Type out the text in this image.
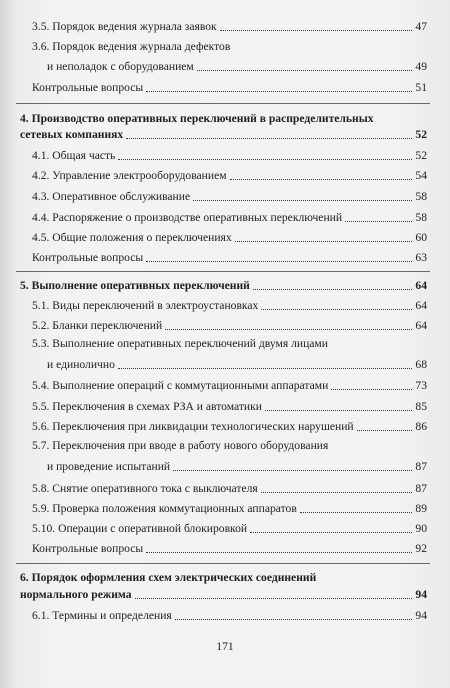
3.5. Порядок ведения журнала заявок	47
3.6. Порядок ведения журнала дефектов
и неполадок с оборудованием	49
Контрольные вопросы	51
4. Производство оперативных переключений в распределительных
сетевых компаниях	52
4.1. Общая часть	52
4.2. Управление электрооборудованием	54
4.3. Оперативное обслуживание	58
4.4. Распоряжение о производстве оперативных переключений	58
4.5. Общие положения о переключениях	60
Контрольные вопросы	63
5. Выполнение оперативных переключений	64
5.1. Виды переключений в электроустановках	64
5.2. Бланки переключений	64
5.3. Выполнение оперативных переключений двумя лицами
и единолично	68
5.4. Выполнение операций с коммутационными аппаратами	73
5.5. Переключения в схемах РЗА и автоматики	85
5.6. Переключения при ликвидации технологических нарушений	86
5.7. Переключения при вводе в работу нового оборудования
и проведение испытаний	87
5.8. Снятие оперативного тока с выключателя	87
5.9. Проверка положения коммутационных аппаратов	89
5.10. Операции с оперативной блокировкой	90
Контрольные вопросы	92
6. Порядок оформления схем электрических соединений
нормального режима	94
6.1. Термины и определения	94
171
